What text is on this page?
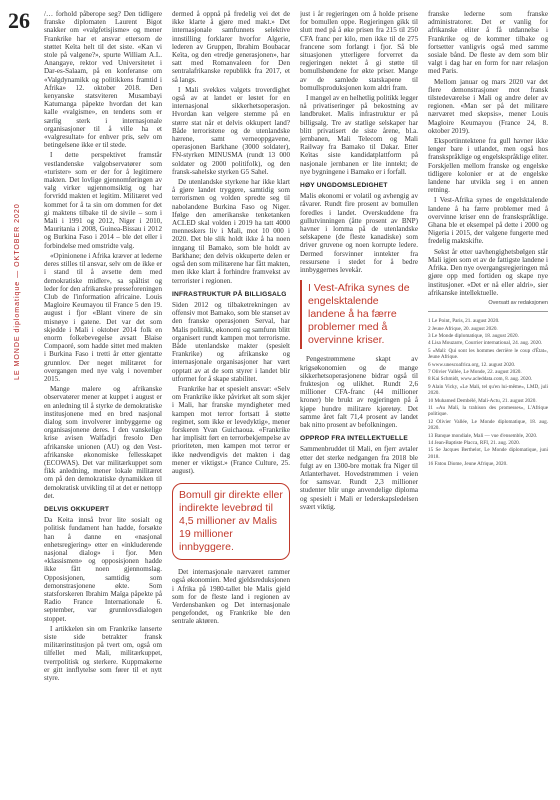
26
LE MONDE diplomatique — OKTOBER 2020

/… forhold påberope seg? Den tidligere franske diplomaten Laurent Bigot snakker om «valgfetisjisme» og mener Frankrike har et ansvar ettersom de støttet Keïta helt til det siste. «Kan vi stole på valgene?», spurte William A.L. Anangaye, rektor ved Universitetet i Dar-es-Salaam, på en konferanse om «Valgdynamikk og politikkens framtid i Afrika» 12. oktober 2018. Den kenyanske statsviteren Musambayi Katumanga påpekte hvordan det kan kalle «valgisme», en tendens som er særlig sterk i internasjonale organisasjoner til å ville ha et «valgresultat» for enhver pris, selv om betingelsene ikke er til stede.

I dette perspektivet framstår vestlandenske valgobservatører som «turister» som er der for å legitimere makten. Det lovlige gjennomføringen av valg virker ugjennomsiktig og har forvridd makten et legitim. Militæret ved kommet for å ta sin om dommen for det gi maktens tilbake til de sivile – som i Mali i 1991 og 2012, Niger i 2010, Mauritania i 2008, Guinea-Bissau i 2012 og Burkina Faso i 2014 – ble det eller i forbindelse med omstridte valg.

«Opinionene i Afrika kræver at lederne deres stilles til ansvar, selv om de ikke er i stand til å avsette dem med demokratiske midler», sa spåltist og leder for den afrikanske presseforeningen Club de l'information africaine. Louis Magloire Keumayou til France 5 den 19. august i fjor «Blant vinere de sin misnøye i gatene. Det var det som skjedde i Mali i oktober 2014 folk en enorm folkebevegelse avsatt Blaise Compaoré, som hadde sittet med makten i Burkina Faso i tretti år etter gjentatte grunnlov. Der neget militæret for overgangen med nye valg i november 2015.

Mange malere og afrikanske observatører mener at kuppet i august er en anledning til å styrke de demokratiske institusjonene med en bred nasjonal dialog som involverer innbyggerne og organisasjonene deres. I den vanskelige krise avisen Walfadjri fresolo Den afrikanske unionen (AU) og den Vest-afrikanske økonomiske fellesskapet (ECOWAS). Det var militærkuppet som fikk anledning, mener lokale militæret om på den demokratiske dynamikken til demokratisk utvikling til at det er nettopp det.

DELVIS OKKUPERT

Da Keita innså hvor lite sosialt og politisk fundament han hadde, forsøkte han å danne en «nasjonal enhetsregjering» etter en «inkluderende nasjonal dialog» i fjor. Men «klassismen» og opposisjonen hadde ikke fått noen gjennomslag. Opposisjonen, samtidig som demonstrasjonene økte. Som statsforskeren Ibrahim Maïga påpekte på Radio France Internationale 6. september, var grunnlovsdialogen stoppet.

I artikkelen sin om Frankrike lanserte siste side betrakter fransk militærinstitusjon på tvert om, også om tilfellet med Mali, militærkuppet, tverrpolitisk og sterkere. Kuppmakerne er gitt innflytelse som fører til et nytt styre.

dermed å oppnå på fredelig vei det de ikke klarte å gjøre med makt.» Det internasjonale samfunnets selektive innstilling forklarer hvorfor Algerie, lederen av Gruppen, Ibrahim Boubacar Keïta, og den «tredje generasjonen», har satt med Romanvaleen for Den sentralafrikanske republikk fra 2017, et så langs.

I Mali svekkes valgets troverdighet også av at landet er løstet for en internasjonal sikkerhetsoperasjon. Hvordan kan velgere stemme på en større stat når et delvis okkupert land? Både terroristene og de utenlandske hærene, samt verneoppgavene, operasjonen Barkhane (3000 soldater), FN-styrken MINUSMA (rundt 13 000 soldater og 2000 politifolk), og den fransk-sahelske styrken G5 Sahel.

De utenlandske styrkene har ikke klart å gjøre landet tryggere, samtidig som terrorismen og volden spredte seg til nabolandene Burkina Faso og Niger. Ifølge den amerikanske tenketanken ACLED skal volden i 2019 ha tatt 4000 menneskers liv i Mali, mot 10 000 i 2020. Det ble slik holdt ikke å ha noen inngang til Bamako, som ble holdt av Barkhane; den delvis okkuperte delen er også den som militærene har fått makten, men ikke klart å forhindre framvekst av terrorister i regionen.

INFRASTRUKTUR PÅ BILLIGSALG

Siden 2012 og tilbaketrekningen av offensiv mot Bamako, som ble stanset av den franske operasjonen Serval, har Malis politikk, økonomi og samfunn blitt organisert rundt kampen mot terrorisme. Både utenlandske makter (spesielt Frankrike) og afrikanske og internasjonale organisasjoner har vært opptatt av at de som styrer i landet blir utformet for å skape stabilitet.

Frankrike har et spesielt ansvar: «Selv om Frankrike ikke påvirket alt som skjer i Mali, har franske myndigheter med kampen mot terror fortsatt å støtte regimet, som ikke er levedyktig», mener forskeren Yvan Guichaoua. «Frankrike har implisitt ført en terrorbekjempelse av prioriteten, men kampen mot terror er ikke nødvendigvis det makten i dag mener er viktigst.» (France Culture, 25. august).

Bomull gir direkte eller indirekte levebrød til 4,5 millioner av Malis 19 millioner innbyggere.

Det internasjonale nærværet rammer også økonomien. Med gjeldsreduksjonen i Afrika på 1980-tallet ble Malis gjeld som for de fleste land i regionen av Verdensbanken og Det internasjonale pengefondet, og Frankrike ble den sentrale aktøren.

just i år regjeringen om å holde prisene for bomullen oppe. Regjeringen gikk til slutt med på å øke prisen fra 215 til 250 CFA franc per kilo, men ikke til de 275 francene som forlangt i fjor. Så ble situasjonen ytterligere forverret da regjeringen nektet å gi støtte til bomullsbøndene for økte priser. Mange av de samlede statskapene til bomullsproduksjonen kom aldri fram.

I mangel av en helhetlig politikk legger nå privatiseringer på bekostning av landbruket. Malis infrastruktur er på billigsalg. Tre av statlige selskaper har blitt privatisert de siste årene, bl.a. jernbanen, Mali Telecom og Mali Railway fra Bamako til Dakar. Etter Keïtas siste kandidatplattform på nasjonale jernbanen er lite inntekt; de nye bygningene i Bamako er i forfall.

HØY UNGDOMSLEDIGHET

Malis økonomi er volatil og avhengig av råvarer. Rundt fire prosent av bomullen foredles i landet. Overskuddene fra gullutvinningen (åtte prosent av BNP) havner i lomma på de utenlandske selskapene (de fleste kanadiske) som driver gruvene og noen korrupte ledere. Dermed forsvinner inntekter fra ressursene i stedet for å bedre innbyggernes levekår.

I Vest-Afrika synes de engelsktalende landene å ha færre problemer med å overvinne kriser.

Pengestrømmene skapt av krigsøkonomien og de mange sikkerhetsoperasjonene bidrar også til fruktesjon og ulikhet. Rundt 2,6 millioner CFA-franc (44 millioner kroner) ble brukt av regjeringen på å kjøpe hundre militære kjøretøy. Det samme året falt 71,4 prosent av landet bak nitto prosent av befolkningen.

OPPROP FRA INTELLEKTUELLE

Sammenbruddet til Mali, en fjerr avtaler etter det sterke nedgangen fra 2018 ble fulgt av en 1300-bre mottak fra Niger til Atlanterhavet. Hovedstrømmen i veien for samsvar. Rundt 2,3 millioner studenter blir unge anvendelige diploma og spesielt i Mali er lederskapsledelsen svært viktig.

franske lederne som franske administratorer. Det er vanlig for afrikanske eliter å få utdannelse i Frankrike og de kommer tilbake og fortsetter vanligvis også med samme sosiale bånd. De fleste av dem som blir valgt i dag har en form for nær relasjon med Paris.

Mellom januar og mars 2020 var det flere demonstrasjoner mot fransk tilstedeværelse i Mali og andre deler av regionen. «Man ser på det militære nærværet med skepsis», mener Louis Magloire Keumayou (France 24, 8. oktober 2019).

Eksportinntektene fra gull havner ikke lenger bare i utlandet, men også hos franskspråklige og engelskspråklige eliter. Forskjellen mellom franske og engelske tidligere kolonier er at de engelske landene har utvikla seg i en annen retning.

I Vest-Afrika synes de engelsktalende landene å ha færre problemer med å overvinne kriser enn de franskspråklige. Ghana ble et eksempel på dette i 2000 og Nigeria i 2015, der valgene fungerte med fredelig maktskifte.

Sekst år etter uavhengighetsbølgen står Mali igjen som et av de fattigste landene i Afrika. Den nye overgangsregjeringen må gjøre opp med fortiden og skape nye institusjoner. «Det er nå eller aldri», sier afrikanske intellektuelle.

Oversatt av redaksjonen
1 Le Point, Paris, 21. august 2020.
2 Jeune Afrique, 20. august 2020.
3 Le Monde diplomatique, 18. august 2020.
4 Lisa Mouzarre, Courrier international, 24. aug. 2020.
5 «Mali: Qui sont les hommes derrière le coup d'État», Jeune Afrique.
6 www.unescoafrica.org, 12. august 2020.
7 Olivier Vallée, Le Monde, 22. august 2020.
8 Kai Schmidt, www.acleddata.com, 8. aug. 2020.
9 Alain Vicky, «Le Mali, tel qu'en lui-même», LMD, juli 2020.
10 Muhamed Dembélé, Mali-Actu, 21. august 2020.
11 «Au Mali, la trahison des promesses», L'Afrique politique.
12 Olivier Vallée, Le Monde diplomatique, 18. aug. 2020.
13 Banque mondiale, Mali — vue d'ensemble, 2020.
14 Jean-Baptiste Placca, RFI, 21. aug. 2020.
15 Se Jacques Berthelot, Le Monde diplomatique, juni 2018.
16 Fatou Diome, Jeune Afrique, 2020.
